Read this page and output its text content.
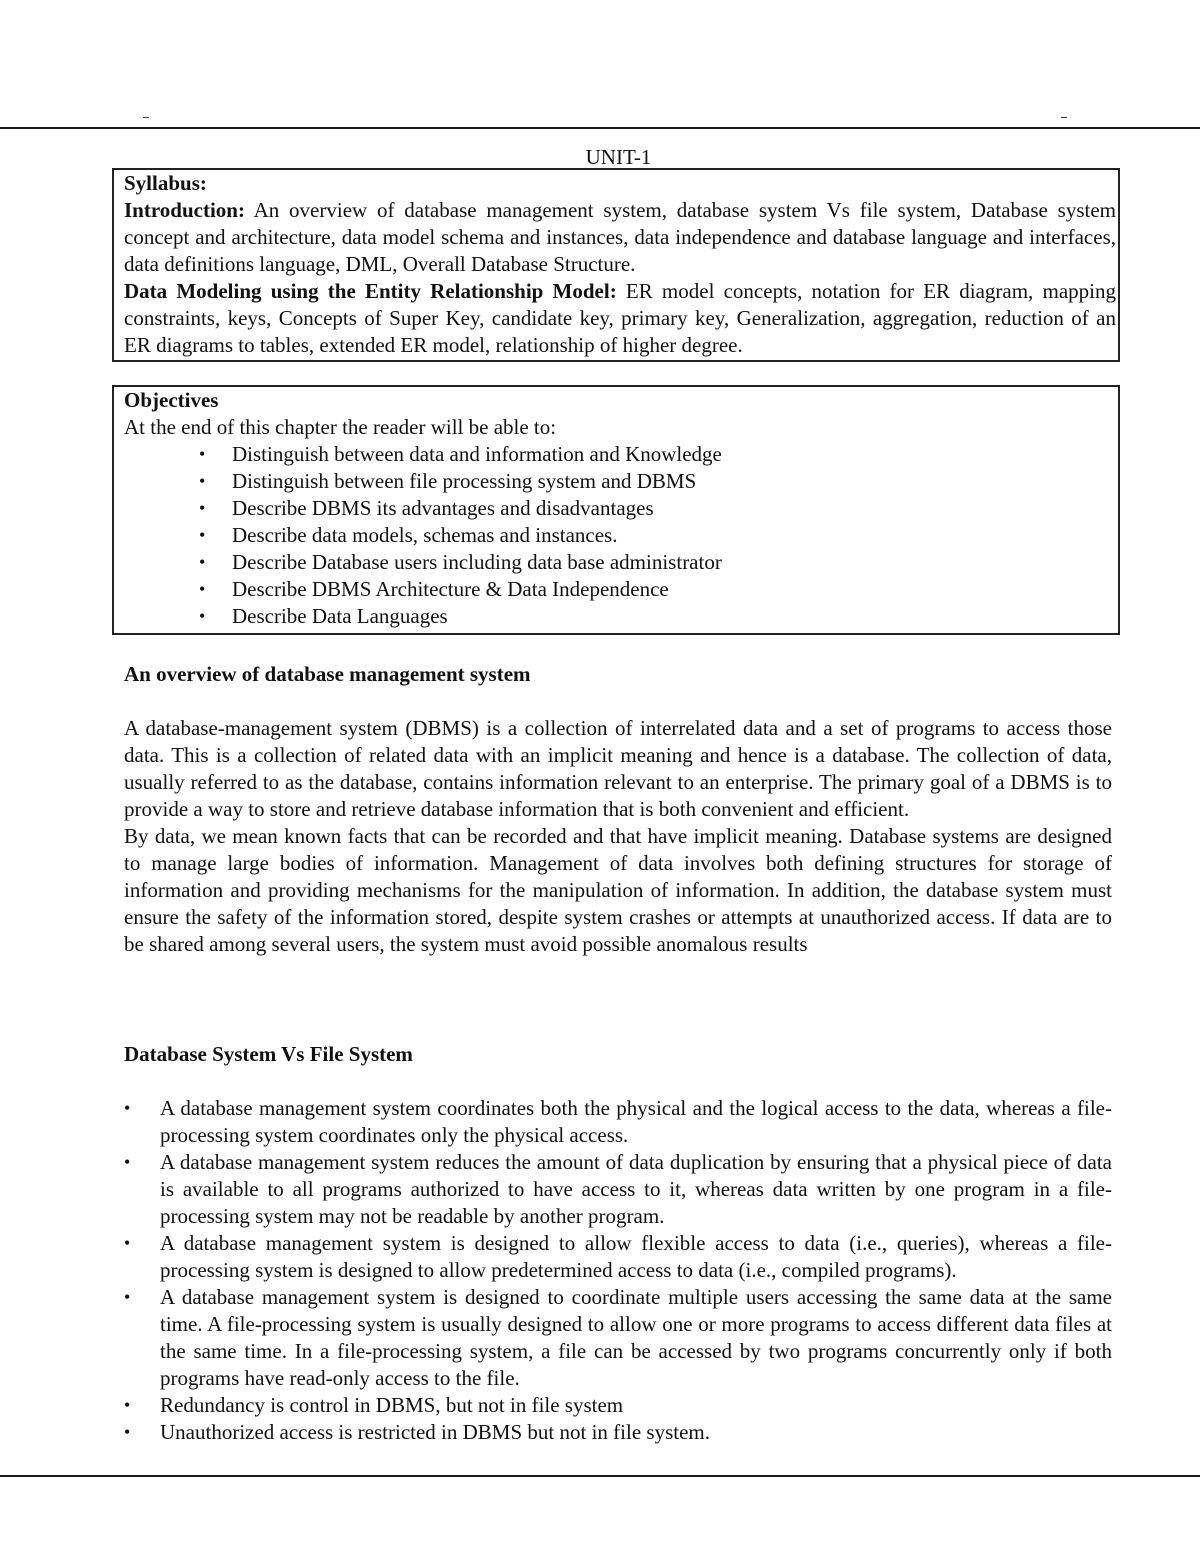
UNIT-1

Syllabus:

Introduction: An overview of database management system, database system Vs file system, Database system concept and architecture, data model schema and instances, data independence and database language and interfaces, data definitions language, DML, Overall Database Structure.

Data Modeling using the Entity Relationship Model: ER model concepts, notation for ER diagram, mapping constraints, keys, Concepts of Super Key, candidate key, primary key, Generalization, aggregation, reduction of an ER diagrams to tables, extended ER model, relationship of higher degree.

Objectives

At the end of this chapter the reader will be able to:

• Distinguish between data and information and Knowledge
• Distinguish between file processing system and DBMS
• Describe DBMS its advantages and disadvantages
• Describe data models, schemas and instances.
• Describe Database users including data base administrator
• Describe DBMS Architecture & Data Independence
• Describe Data Languages
An overview of database management system

A database-management system (DBMS) is a collection of interrelated data and a set of programs to access those data. This is a collection of related data with an implicit meaning and hence is a database. The collection of data, usually referred to as the database, contains information relevant to an enterprise. The primary goal of a DBMS is to provide a way to store and retrieve database information that is both convenient and efficient.

By data, we mean known facts that can be recorded and that have implicit meaning. Database systems are designed to manage large bodies of information. Management of data involves both defining structures for storage of information and providing mechanisms for the manipulation of information. In addition, the database system must ensure the safety of the information stored, despite system crashes or attempts at unauthorized access. If data are to be shared among several users, the system must avoid possible anomalous results

Database System Vs File System
• A database management system coordinates both the physical and the logical access to the data, whereas a file-processing system coordinates only the physical access.
• A database management system reduces the amount of data duplication by ensuring that a physical piece of data is available to all programs authorized to have access to it, whereas data written by one program in a file-processing system may not be readable by another program.
• A database management system is designed to allow flexible access to data (i.e., queries), whereas a file-processing system is designed to allow predetermined access to data (i.e., compiled programs).
• A database management system is designed to coordinate multiple users accessing the same data at the same time. A file-processing system is usually designed to allow one or more programs to access different data files at the same time. In a file-processing system, a file can be accessed by two programs concurrently only if both programs have read-only access to the file.
• Redundancy is control in DBMS, but not in file system
• Unauthorized access is restricted in DBMS but not in file system.
